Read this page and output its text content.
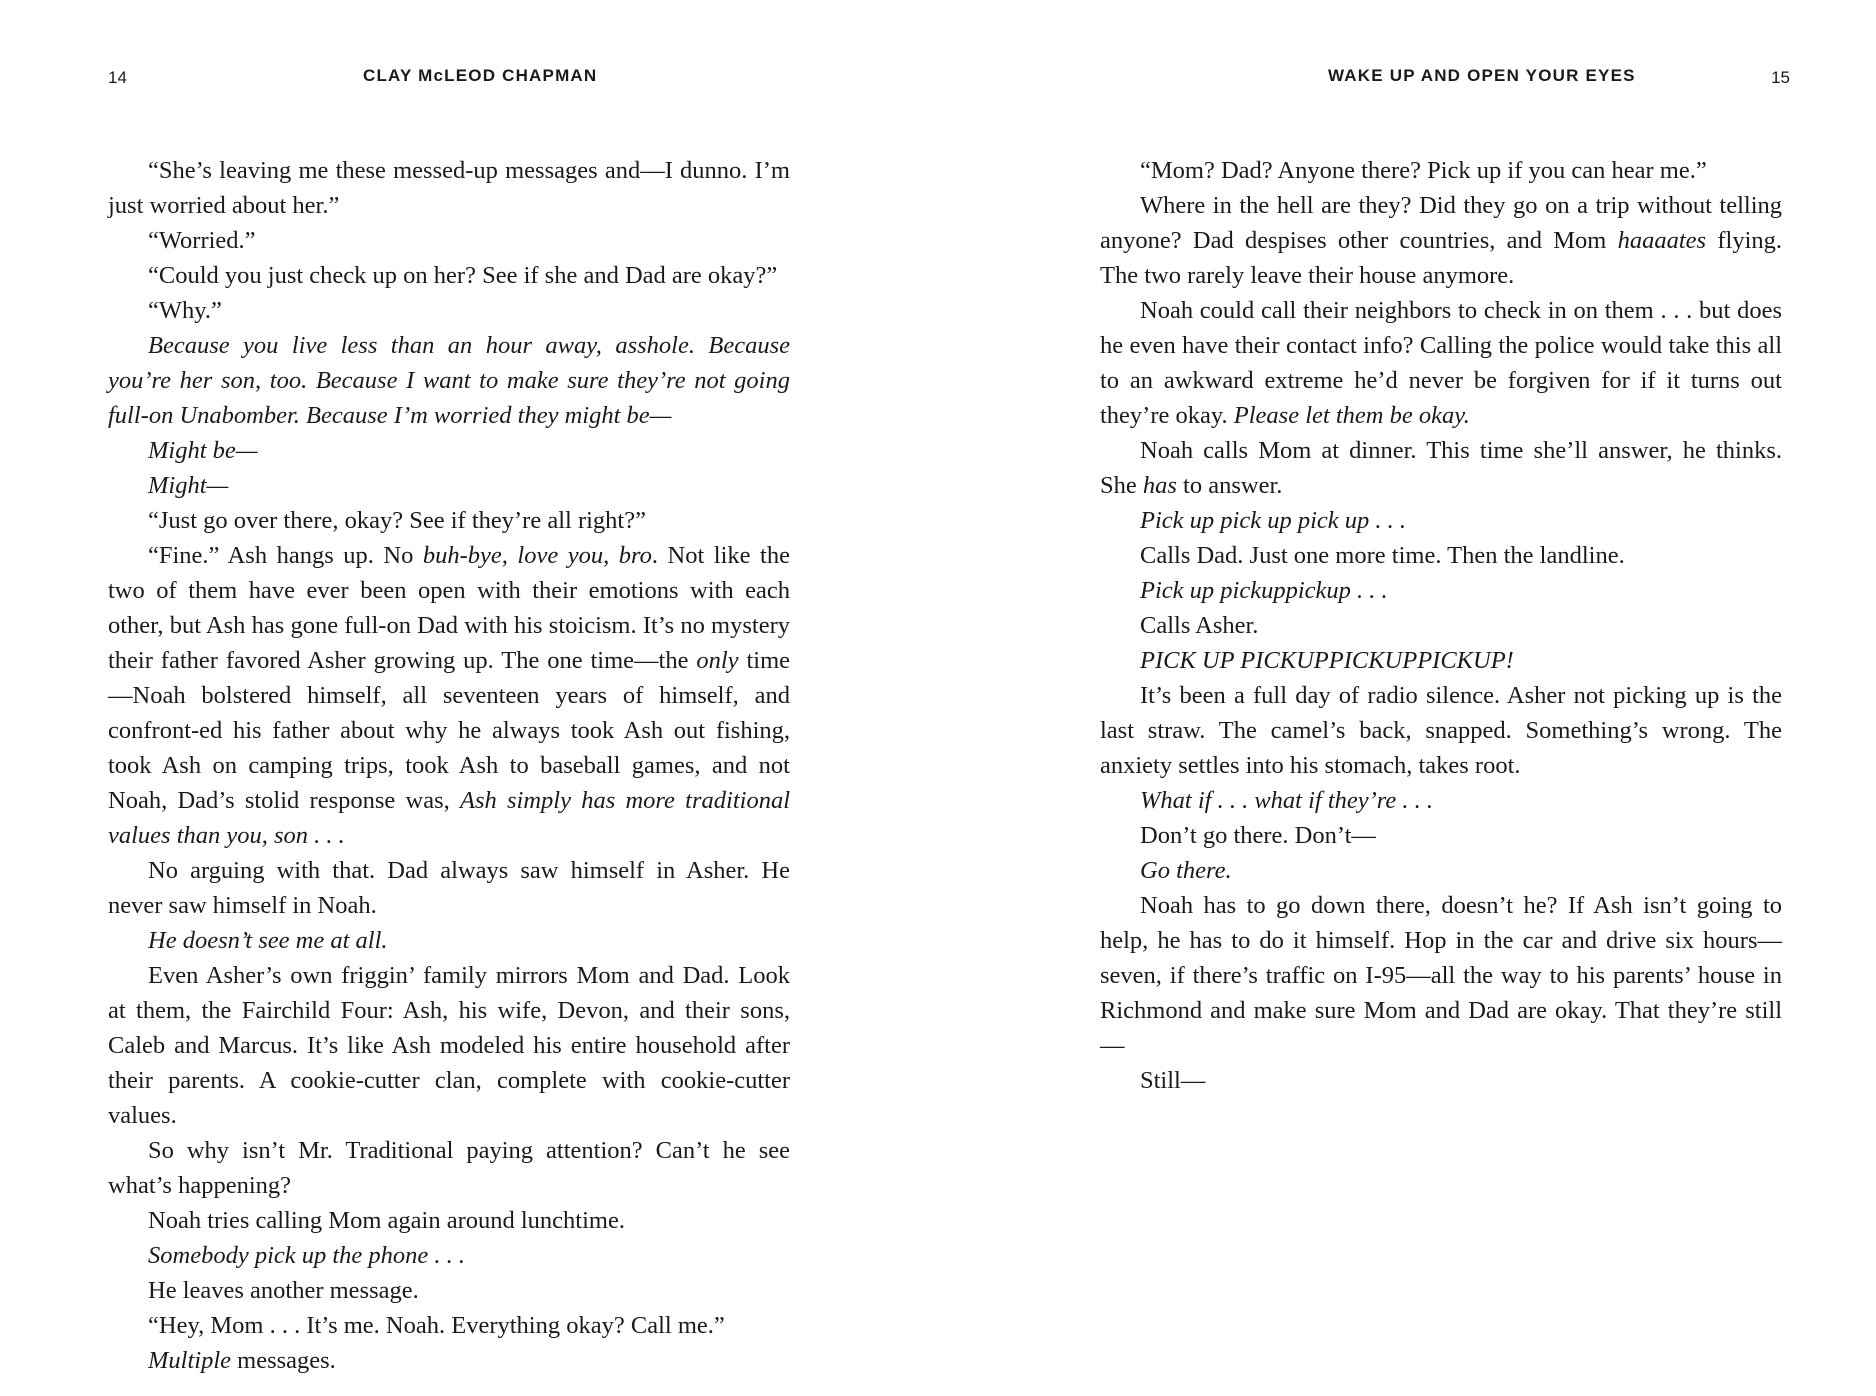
14	CLAY McLEOD CHAPMAN

“She’s leaving me these messed-up messages and—I dunno. I’m just worried about her.”

“Worried.”

“Could you just check up on her? See if she and Dad are okay?”

“Why.”

Because you live less than an hour away, asshole. Because you’re her son, too. Because I want to make sure they’re not going full-on Unabomber. Because I’m worried they might be—

Might be—

Might—

“Just go over there, okay? See if they’re all right?”

“Fine.” Ash hangs up. No buh-bye, love you, bro. Not like the two of them have ever been open with their emotions with each other, but Ash has gone full-on Dad with his stoicism. It’s no mystery their father favored Asher growing up. The one time—the only time—Noah bolstered himself, all seventeen years of himself, and confront-ed his father about why he always took Ash out fishing, took Ash on camping trips, took Ash to baseball games, and not Noah, Dad’s stolid response was, Ash simply has more traditional values than you, son . . .

No arguing with that. Dad always saw himself in Asher. He never saw himself in Noah.

He doesn’t see me at all.

Even Asher’s own friggin’ family mirrors Mom and Dad. Look at them, the Fairchild Four: Ash, his wife, Devon, and their sons, Caleb and Marcus. It’s like Ash modeled his entire household after their parents. A cookie-cutter clan, complete with cookie-cutter values.

So why isn’t Mr. Traditional paying attention? Can’t he see what’s happening?

Noah tries calling Mom again around lunchtime.

Somebody pick up the phone . . .

He leaves another message.

“Hey, Mom . . . It’s me. Noah. Everything okay? Call me.”

Multiple messages.

WAKE UP AND OPEN YOUR EYES	15

“Mom? Dad? Anyone there? Pick up if you can hear me.”

Where in the hell are they? Did they go on a trip without telling anyone? Dad despises other countries, and Mom haaaates flying. The two rarely leave their house anymore.

Noah could call their neighbors to check in on them . . . but does he even have their contact info? Calling the police would take this all to an awkward extreme he’d never be forgiven for if it turns out they’re okay. Please let them be okay.

Noah calls Mom at dinner. This time she’ll answer, he thinks. She has to answer.

Pick up pick up pick up . . .

Calls Dad. Just one more time. Then the landline.

Pick up pickuppickup . . .

Calls Asher.

PICK UP PICKUPPICKUPPICKUP!

It’s been a full day of radio silence. Asher not picking up is the last straw. The camel’s back, snapped. Something’s wrong. The anxiety settles into his stomach, takes root.

What if . . . what if they’re . . .

Don’t go there. Don’t—

Go there.

Noah has to go down there, doesn’t he? If Ash isn’t going to help, he has to do it himself. Hop in the car and drive six hours—seven, if there’s traffic on I-95—all the way to his parents’ house in Richmond and make sure Mom and Dad are okay. That they’re still—

Still—
